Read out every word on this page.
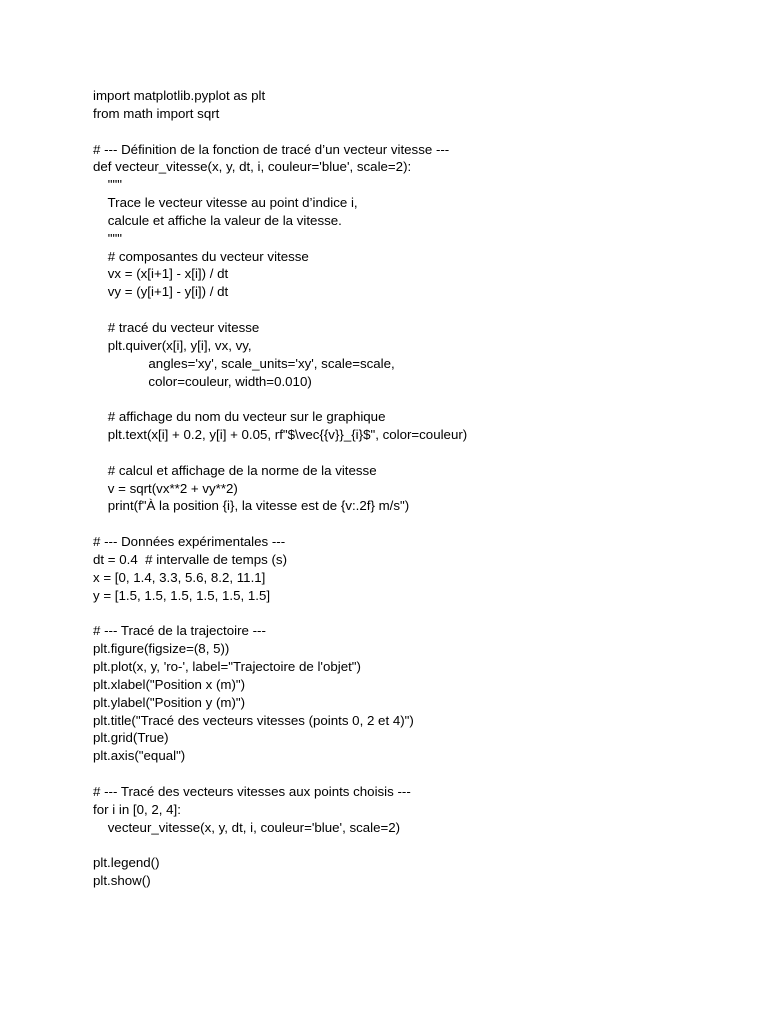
import matplotlib.pyplot as plt
from math import sqrt
# --- Définition de la fonction de tracé d’un vecteur vitesse ---
def vecteur_vitesse(x, y, dt, i, couleur='blue', scale=2):
"""
Trace le vecteur vitesse au point d’indice i,
calcule et affiche la valeur de la vitesse.
"""
# composantes du vecteur vitesse
vx = (x[i+1] - x[i]) / dt
vy = (y[i+1] - y[i]) / dt
# tracé du vecteur vitesse
plt.quiver(x[i], y[i], vx, vy,
angles='xy', scale_units='xy', scale=scale,
color=couleur, width=0.010)
# affichage du nom du vecteur sur le graphique
plt.text(x[i] + 0.2, y[i] + 0.05, rf"$\vec{{v}}_{i}$", color=couleur)
# calcul et affichage de la norme de la vitesse
v = sqrt(vx**2 + vy**2)
print(f"À la position {i}, la vitesse est de {v:.2f} m/s")
# --- Données expérimentales ---
dt = 0.4  # intervalle de temps (s)
x = [0, 1.4, 3.3, 5.6, 8.2, 11.1]
y = [1.5, 1.5, 1.5, 1.5, 1.5, 1.5]
# --- Tracé de la trajectoire ---
plt.figure(figsize=(8, 5))
plt.plot(x, y, 'ro-', label="Trajectoire de l'objet")
plt.xlabel("Position x (m)")
plt.ylabel("Position y (m)")
plt.title("Tracé des vecteurs vitesses (points 0, 2 et 4)")
plt.grid(True)
plt.axis("equal")
# --- Tracé des vecteurs vitesses aux points choisis ---
for i in [0, 2, 4]:
vecteur_vitesse(x, y, dt, i, couleur='blue', scale=2)
plt.legend()
plt.show()
